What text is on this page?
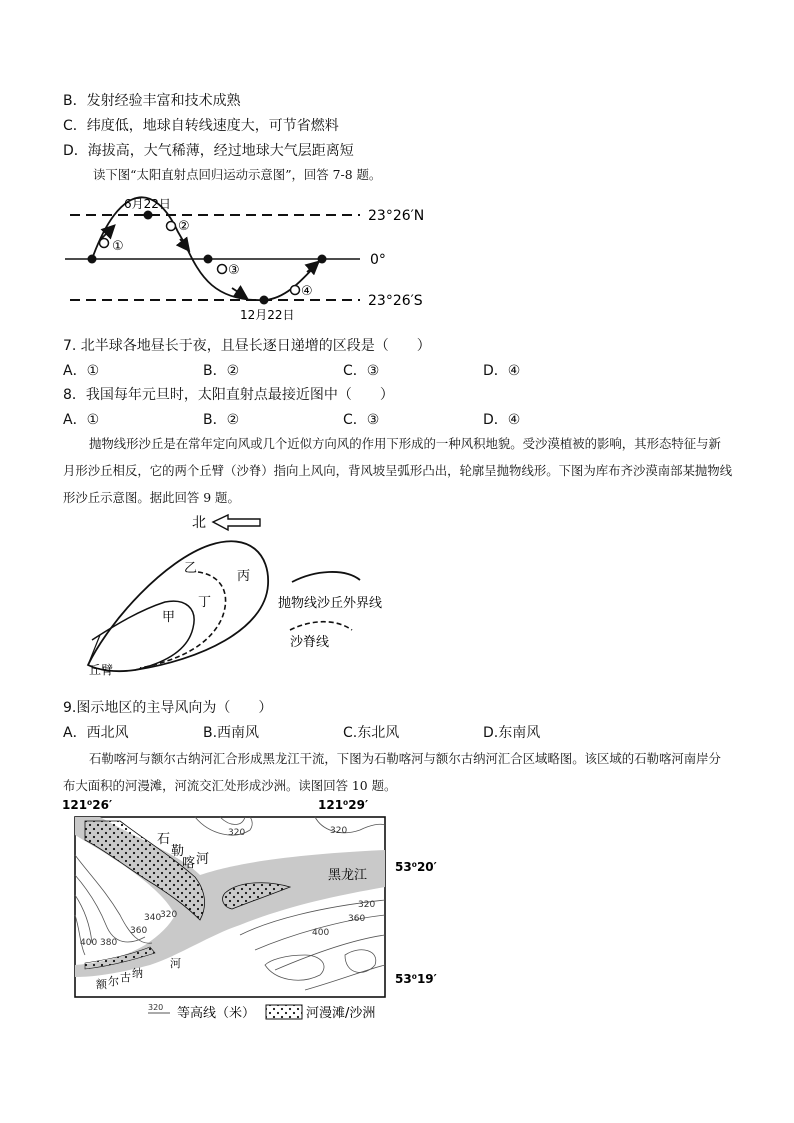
B．发射经验丰富和技术成熟
C．纬度低，地球自转线速度大，可节省燃料
D．海拔高，大气稀薄，经过地球大气层距离短
读下图“太阳直射点回归运动示意图”，回答 7-8 题。
6月22日
12月22日
①
②
③
④
23°26′N
0°
23°26′S
7. 北半球各地昼长于夜，且昼长逐日递增的区段是（　　）
A．①	B．②	C．③	D．④
8．我国每年元旦时，太阳直射点最接近图中（　　）
A．①	B．②	C．③	D．④
抛物线形沙丘是在常年定向风或几个近似方向风的作用下形成的一种风积地貌。受沙漠植被的影响，其形态特征与新月形沙丘相反，它的两个丘臂（沙脊）指向上风向，背风坡呈弧形凸出，轮廓呈抛物线形。下图为库布齐沙漠南部某抛物线形沙丘示意图。据此回答 9 题。
北
乙
丙
丁
甲
丘臂
抛物线沙丘外界线
沙脊线
9.图示地区的主导风向为（　　）
A．西北风	B.西南风	C.东北风	D.东南风
石勒喀河与额尔古纳河汇合形成黑龙江干流，下图为石勒喀河与额尔古纳河汇合区域略图。该区域的石勒喀河南岸分布大面积的河漫滩，河流交汇处形成沙洲。读图回答 10 题。
121⁰26′	121⁰29′
石
勒
喀 河
黑龙江
额 尔 古 纳
河
320	320
320
320
340
360
360
380
400
400
53⁰20′
53⁰19′
320 等高线（米）	河漫滩/沙洲
